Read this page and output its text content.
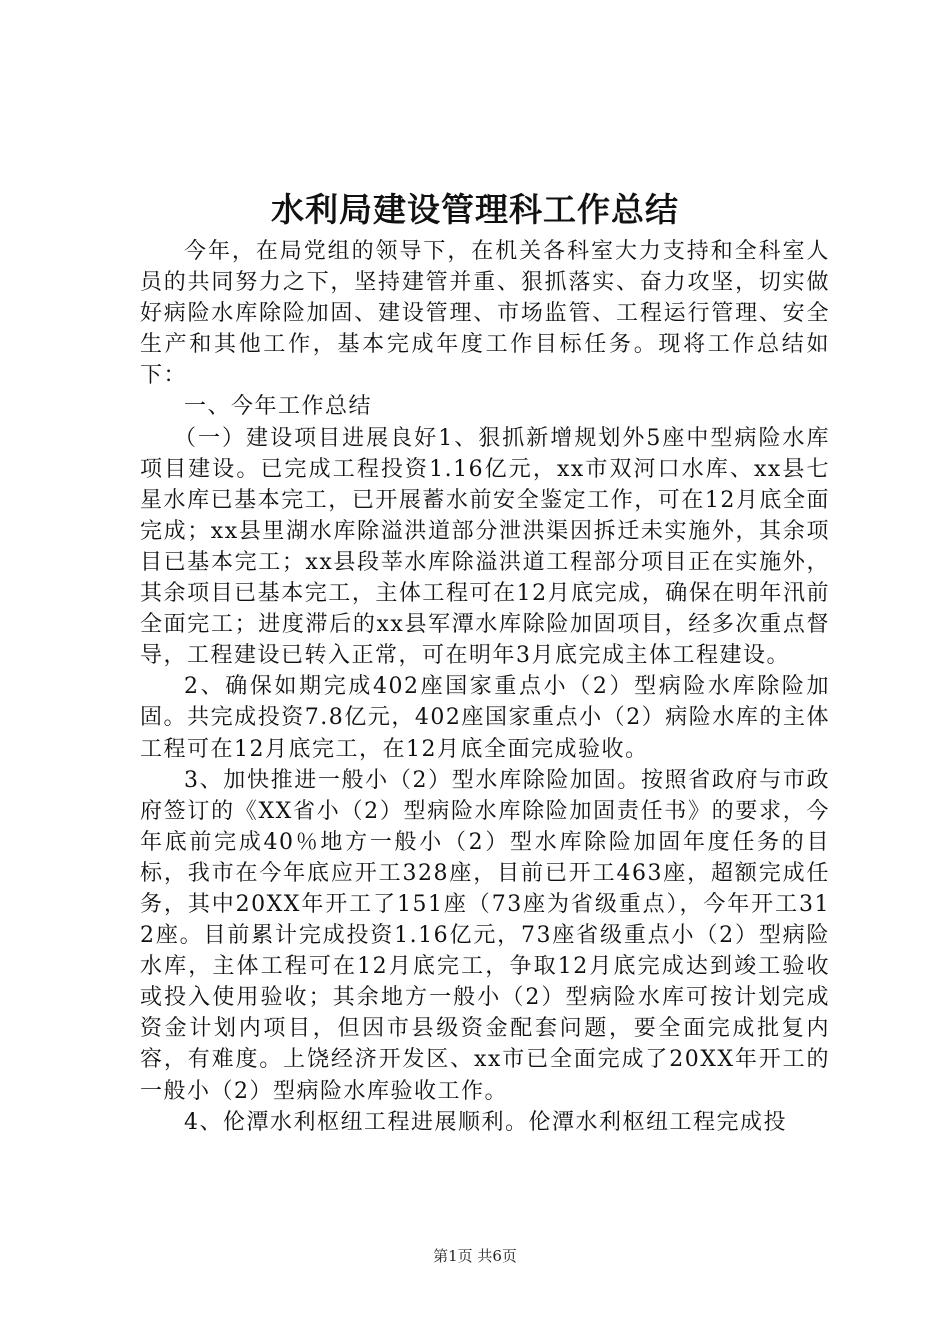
水利局建设管理科工作总结

今年，在局党组的领导下，在机关各科室大力支持和全科室人员的共同努力之下，坚持建管并重、狠抓落实、奋力攻坚，切实做好病险水库除险加固、建设管理、市场监管、工程运行管理、安全生产和其他工作，基本完成年度工作目标任务。现将工作总结如下：

一、今年工作总结

（一）建设项目进展良好1、狠抓新增规划外5座中型病险水库项目建设。已完成工程投资1.16亿元，xx市双河口水库、xx县七星水库已基本完工，已开展蓄水前安全鉴定工作，可在12月底全面完成；xx县里湖水库除溢洪道部分泄洪渠因拆迁未实施外，其余项目已基本完工；xx县段莘水库除溢洪道工程部分项目正在实施外，其余项目已基本完工，主体工程可在12月底完成，确保在明年汛前全面完工；进度滞后的xx县军潭水库除险加固项目，经多次重点督导，工程建设已转入正常，可在明年3月底完成主体工程建设。

2、确保如期完成402座国家重点小（2）型病险水库除险加固。共完成投资7.8亿元，402座国家重点小（2）病险水库的主体工程可在12月底完工，在12月底全面完成验收。

3、加快推进一般小（2）型水库除险加固。按照省政府与市政府签订的《XX省小（2）型病险水库除险加固责任书》的要求，今年底前完成40％地方一般小（2）型水库除险加固年度任务的目标，我市在今年底应开工328座，目前已开工463座，超额完成任务，其中20XX年开工了151座（73座为省级重点），今年开工312座。目前累计完成投资1.16亿元，73座省级重点小（2）型病险水库，主体工程可在12月底完工，争取12月底完成达到竣工验收或投入使用验收；其余地方一般小（2）型病险水库可按计划完成资金计划内项目，但因市县级资金配套问题，要全面完成批复内容，有难度。上饶经济开发区、xx市已全面完成了20XX年开工的一般小（2）型病险水库验收工作。

4、伦潭水利枢纽工程进展顺利。伦潭水利枢纽工程完成投

第1页 共6页
